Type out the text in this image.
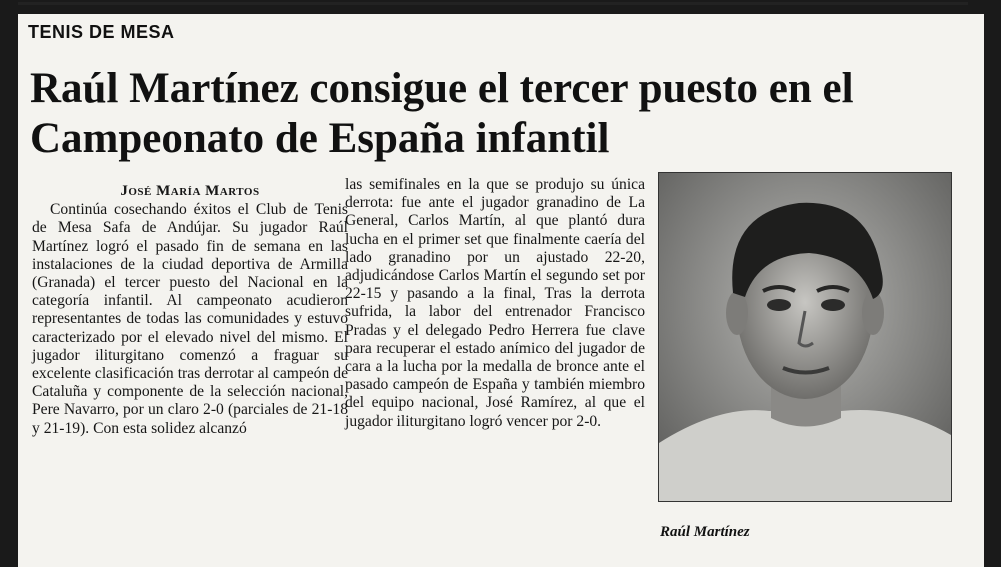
TENIS DE MESA
Raúl Martínez consigue el tercer puesto en el Campeonato de España infantil
José María Martos

Continúa cosechando éxitos el Club de Tenis de Mesa Safa de Andújar. Su jugador Raúl Martínez logró el pasado fin de semana en las instalaciones de la ciudad deportiva de Armilla (Granada) el tercer puesto del Nacional en la categoría infantil. Al campeonato acudieron representantes de todas las comunidades y estuvo caracterizado por el elevado nivel del mismo. El jugador iliturgitano comenzó a fraguar su excelente clasificación tras derrotar al campeón de Cataluña y componente de la selección nacional, Pere Navarro, por un claro 2-0 (parciales de 21-18 y 21-19). Con esta solidez alcanzó

las semifinales en la que se produjo su única derrota: fue ante el jugador granadino de La General, Carlos Martín, al que plantó dura lucha en el primer set que finalmente caería del lado granadino por un ajustado 22-20, adjudicándose Carlos Martín el segundo set por 22-15 y pasando a la final, Tras la derrota sufrida, la labor del entrenador Francisco Pradas y el delegado Pedro Herrera fue clave para recuperar el estado anímico del jugador de cara a la lucha por la medalla de bronce ante el pasado campeón de España y también miembro del equipo nacional, José Ramírez, al que el jugador iliturgitano logró vencer por 2-0.

Raúl Martínez
